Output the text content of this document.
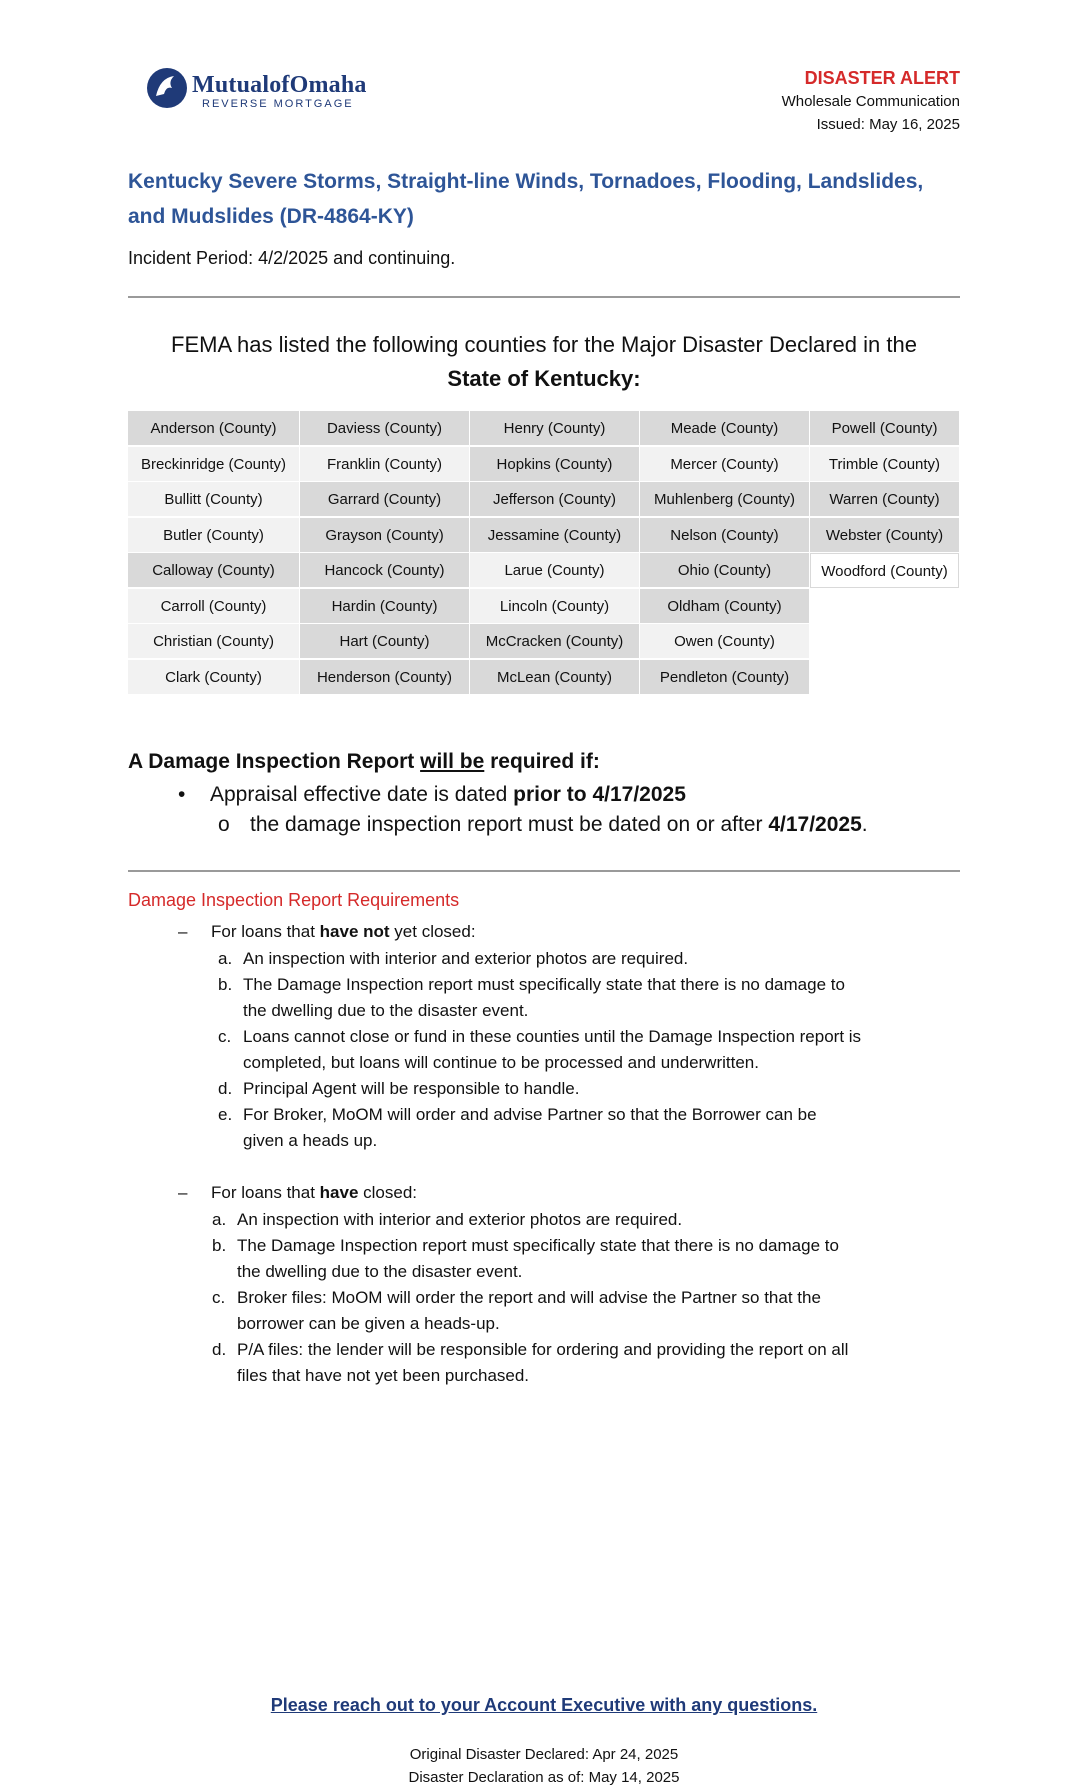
MutualofOmaha
REVERSE MORTGAGE
DISASTER ALERT
Wholesale Communication
Issued: May 16, 2025
Kentucky Severe Storms, Straight-line Winds, Tornadoes, Flooding, Landslides,
and Mudslides (DR-4864-KY)
Incident Period: 4/2/2025 and continuing.
FEMA has listed the following counties for the Major Disaster Declared in the
State of Kentucky:
Anderson (County)
Breckinridge (County)
Bullitt (County)
Butler (County)
Calloway (County)
Carroll (County)
Christian (County)
Clark (County)
Daviess (County)
Franklin (County)
Garrard (County)
Grayson (County)
Hancock (County)
Hardin (County)
Hart (County)
Henderson (County)
Henry (County)
Hopkins (County)
Jefferson (County)
Jessamine (County)
Larue (County)
Lincoln (County)
McCracken (County)
McLean (County)
Meade (County)
Mercer (County)
Muhlenberg (County)
Nelson (County)
Ohio (County)
Oldham (County)
Owen (County)
Pendleton (County)
Powell (County)
Trimble (County)
Warren (County)
Webster (County)
Woodford (County)
A Damage Inspection Report will be required if:
• Appraisal effective date is dated prior to 4/17/2025
o the damage inspection report must be dated on or after 4/17/2025.
Damage Inspection Report Requirements
– For loans that have not yet closed:
a. An inspection with interior and exterior photos are required.
b. The Damage Inspection report must specifically state that there is no damage to
the dwelling due to the disaster event.
c. Loans cannot close or fund in these counties until the Damage Inspection report is
completed, but loans will continue to be processed and underwritten.
d. Principal Agent will be responsible to handle.
e. For Broker, MoOM will order and advise Partner so that the Borrower can be
given a heads up.
– For loans that have closed:
a. An inspection with interior and exterior photos are required.
b. The Damage Inspection report must specifically state that there is no damage to
the dwelling due to the disaster event.
c. Broker files: MoOM will order the report and will advise the Partner so that the
borrower can be given a heads-up.
d. P/A files: the lender will be responsible for ordering and providing the report on all
files that have not yet been purchased.
Please reach out to your Account Executive with any questions.
Original Disaster Declared: Apr 24, 2025
Disaster Declaration as of: May 14, 2025
